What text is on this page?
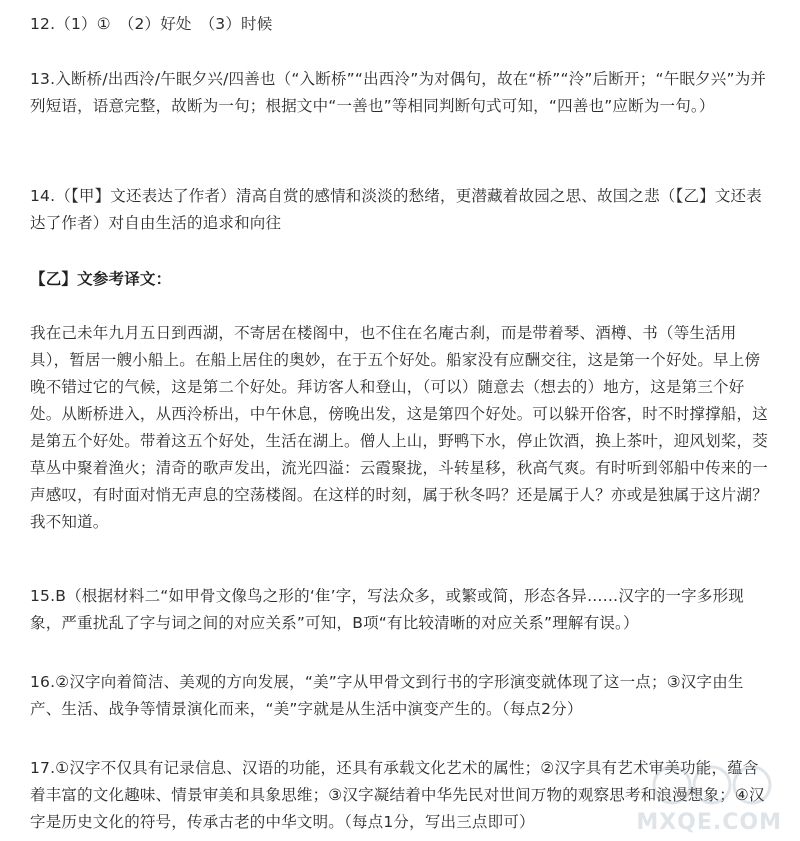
12.（1）①　（2）好处　（3）时候
13.入断桥/出西泠/午眠夕兴/四善也（“入断桥”“出西泠”为对偶句，故在“桥”“泠”后断开；“午眠夕兴”为并列短语，语意完整，故断为一句；根据文中“一善也”等相同判断句式可知，“四善也”应断为一句。）
14.（【甲】文还表达了作者）清高自赏的感情和淡淡的愁绪，更潜藏着故园之思、故国之悲（【乙】文还表达了作者）对自由生活的追求和向往
【乙】文参考译文：
我在己未年九月五日到西湖，不寄居在楼阁中，也不住在名庵古刹，而是带着琴、酒樽、书（等生活用具），暂居一艘小船上。在船上居住的奥妙，在于五个好处。船家没有应酬交往，这是第一个好处。早上傍晚不错过它的气候，这是第二个好处。拜访客人和登山，（可以）随意去（想去的）地方，这是第三个好处。从断桥进入，从西泠桥出，中午休息，傍晚出发，这是第四个好处。可以躲开俗客，时不时撑撑船，这是第五个好处。带着这五个好处，生活在湖上。僧人上山，野鸭下水，停止饮酒，换上茶叶，迎风划桨，茭草丛中聚着渔火；清奇的歌声发出，流光四溢：云霞聚拢，斗转星移，秋高气爽。有时听到邻船中传来的一声感叹，有时面对悄无声息的空荡楼阁。在这样的时刻，属于秋冬吗？还是属于人？亦或是独属于这片湖？我不知道。
15.B（根据材料二“如甲骨文像鸟之形的‘隹’字，写法众多，或繁或简，形态各异……汉字的一字多形现象，严重扰乱了字与词之间的对应关系”可知，B项“有比较清晰的对应关系”理解有误。）
16.②汉字向着简洁、美观的方向发展，“美”字从甲骨文到行书的字形演变就体现了这一点；③汉字由生产、生活、战争等情景演化而来，“美”字就是从生活中演变产生的。（每点2分）
17.①汉字不仅具有记录信息、汉语的功能，还具有承载文化艺术的属性；②汉字具有艺术审美功能，蕴含着丰富的文化趣味、情景审美和具象思维；③汉字凝结着中华先民对世间万物的观察思考和浪漫想象；④汉字是历史文化的符号，传承古老的中华文明。（每点1分，写出三点即可）	MXQE.COM
